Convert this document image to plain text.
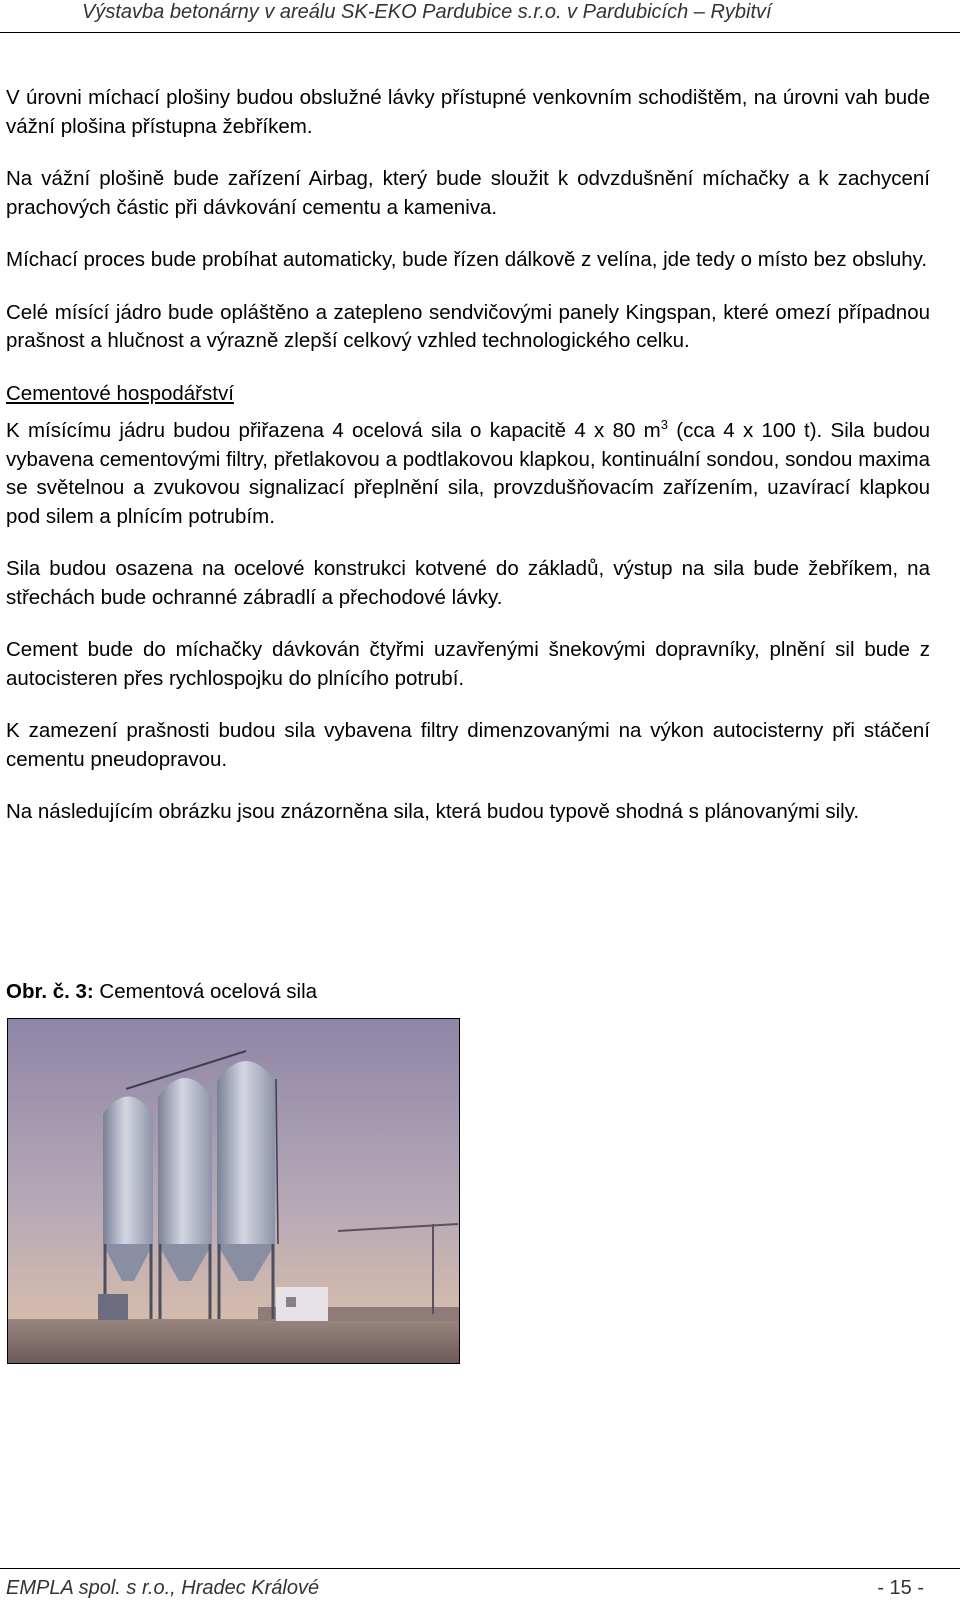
Výstavba betonárny v areálu SK-EKO Pardubice s.r.o. v Pardubicích – Rybitví

V úrovni míchací plošiny budou obslužné lávky přístupné venkovním schodištěm, na úrovni vah bude vážní plošina přístupna žebříkem.

Na vážní plošině bude zařízení Airbag, který bude sloužit k odvzdušnění míchačky a k zachycení prachových částic při dávkování cementu a kameniva.

Míchací proces bude probíhat automaticky, bude řízen dálkově z velína, jde tedy o místo bez obsluhy.

Celé mísící jádro bude opláštěno a zatepleno sendvičovými panely Kingspan, které omezí případnou prašnost a hlučnost a výrazně zlepší celkový vzhled technologického celku.

Cementové hospodářství

K mísícímu jádru budou přiřazena 4 ocelová sila o kapacitě 4 x 80 $m^3$ (cca 4 x 100 t). Sila budou vybavena cementovými filtry, přetlakovou a podtlakovou klapkou, kontinuální sondou, sondou maxima se světelnou a zvukovou signalizací přeplnění sila, provzdušňovacím zařízením, uzavírací klapkou pod silem a plnícím potrubím.

Sila budou osazena na ocelové konstrukci kotvené do základů, výstup na sila bude žebříkem, na střechách bude ochranné zábradlí a přechodové lávky.

Cement bude do míchačky dávkován čtyřmi uzavřenými šnekovými dopravníky, plnění sil bude z autocisteren přes rychlospojku do plnícího potrubí.

K zamezení prašnosti budou sila vybavena filtry dimenzovanými na výkon autocisterny při stáčení cementu pneudopravou.

Na následujícím obrázku jsou znázorněna sila, která budou typově shodná s plánovanými sily.

Obr. č. 3: Cementová ocelová sila
EMPLA spol. s r.o., Hradec Králové	- 15 -
